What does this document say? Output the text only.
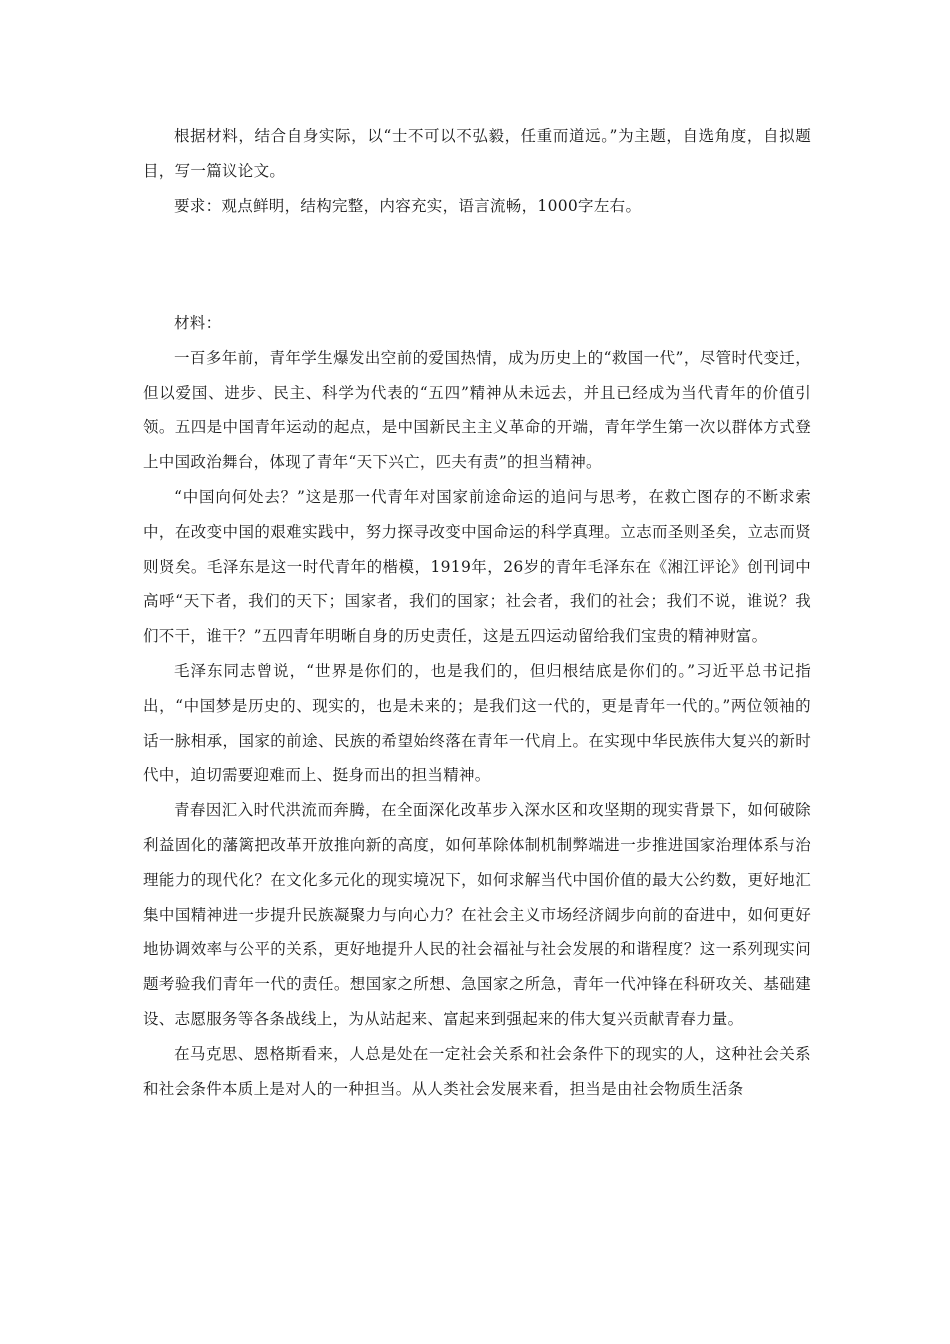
根据材料，结合自身实际，以“士不可以不弘毅，任重而道远。”为主题，自选角度，自拟题目，写一篇议论文。

要求：观点鲜明，结构完整，内容充实，语言流畅，1000字左右。

材料：

一百多年前，青年学生爆发出空前的爱国热情，成为历史上的“救国一代”，尽管时代变迁，但以爱国、进步、民主、科学为代表的“五四”精神从未远去，并且已经成为当代青年的价值引领。五四是中国青年运动的起点，是中国新民主主义革命的开端，青年学生第一次以群体方式登上中国政治舞台，体现了青年“天下兴亡，匹夫有责”的担当精神。

“中国向何处去？”这是那一代青年对国家前途命运的追问与思考，在救亡图存的不断求索中，在改变中国的艰难实践中，努力探寻改变中国命运的科学真理。立志而圣则圣矣，立志而贤则贤矣。毛泽东是这一时代青年的楷模，1919年，26岁的青年毛泽东在《湘江评论》创刊词中高呼“天下者，我们的天下；国家者，我们的国家；社会者，我们的社会；我们不说，谁说？我们不干，谁干？”五四青年明晰自身的历史责任，这是五四运动留给我们宝贵的精神财富。

毛泽东同志曾说，“世界是你们的，也是我们的，但归根结底是你们的。”习近平总书记指出，“中国梦是历史的、现实的，也是未来的；是我们这一代的，更是青年一代的。”两位领袖的话一脉相承，国家的前途、民族的希望始终落在青年一代肩上。在实现中华民族伟大复兴的新时代中，迫切需要迎难而上、挺身而出的担当精神。

青春因汇入时代洪流而奔腾，在全面深化改革步入深水区和攻坚期的现实背景下，如何破除利益固化的藩篱把改革开放推向新的高度，如何革除体制机制弊端进一步推进国家治理体系与治理能力的现代化？在文化多元化的现实境况下，如何求解当代中国价值的最大公约数，更好地汇集中国精神进一步提升民族凝聚力与向心力？在社会主义市场经济阔步向前的奋进中，如何更好地协调效率与公平的关系，更好地提升人民的社会福祉与社会发展的和谐程度？这一系列现实问题考验我们青年一代的责任。想国家之所想、急国家之所急，青年一代冲锋在科研攻关、基础建设、志愿服务等各条战线上，为从站起来、富起来到强起来的伟大复兴贡献青春力量。

在马克思、恩格斯看来，人总是处在一定社会关系和社会条件下的现实的人，这种社会关系和社会条件本质上是对人的一种担当。从人类社会发展来看，担当是由社会物质生活条
